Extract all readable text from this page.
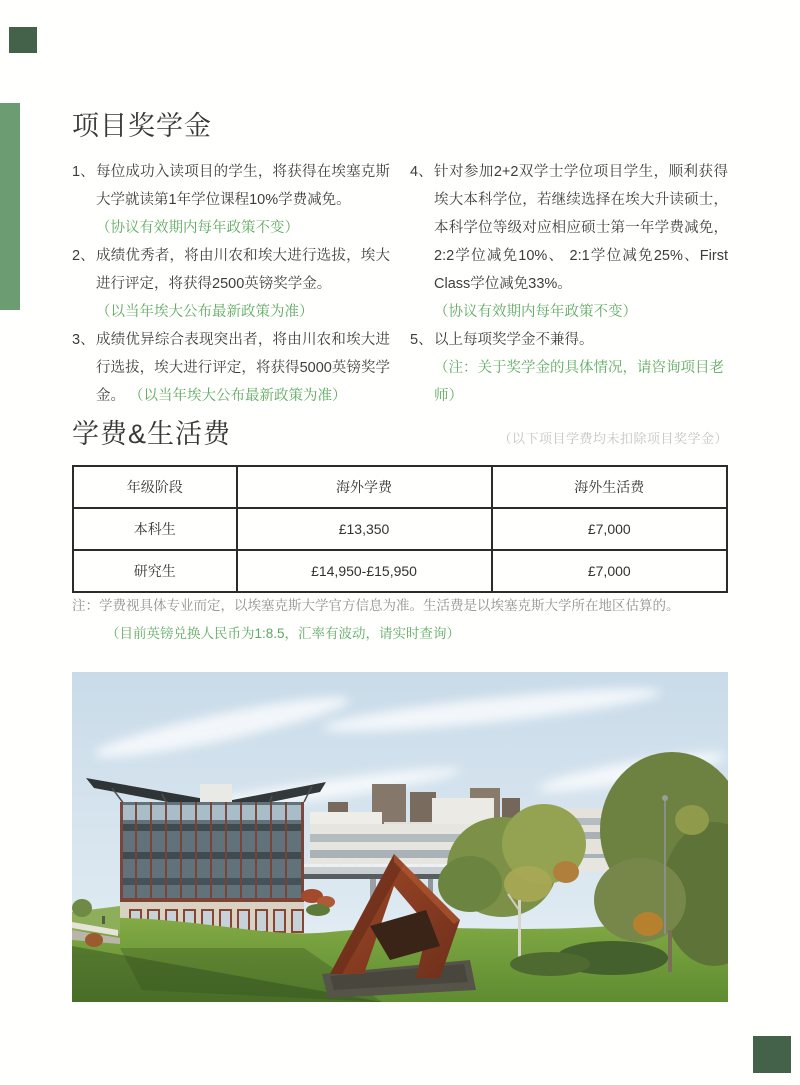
项目奖学金
1、 每位成功入读项目的学生，将获得在埃塞克斯大学就读第1年学位课程10%学费减免。
（协议有效期内每年政策不变）
2、 成绩优秀者，将由川农和埃大进行选拔，埃大进行评定，将获得2500英镑奖学金。
（以当年埃大公布最新政策为准）
3、 成绩优异综合表现突出者，将由川农和埃大进行选拔，埃大进行评定，将获得5000英镑奖学金。 （以当年埃大公布最新政策为准）
4、 针对参加2+2双学士学位项目学生，顺利获得埃大本科学位，若继续选择在埃大升读硕士，本科学位等级对应相应硕士第一年学费减免，2:2学位减免10%、 2:1学位减免25%、First Class学位减免33%。
（协议有效期内每年政策不变）
5、 以上每项奖学金不兼得。
（注：关于奖学金的具体情况，请咨询项目老师）
学费&生活费	（以下项目学费均未扣除项目奖学金）
年级阶段	海外学费	海外生活费
本科生	£13,350	£7,000
研究生	£14,950-£15,950	£7,000
注：学费视具体专业而定，以埃塞克斯大学官方信息为准。生活费是以埃塞克斯大学所在地区估算的。
（目前英镑兑换人民币为1:8.5，汇率有波动，请实时查询）
